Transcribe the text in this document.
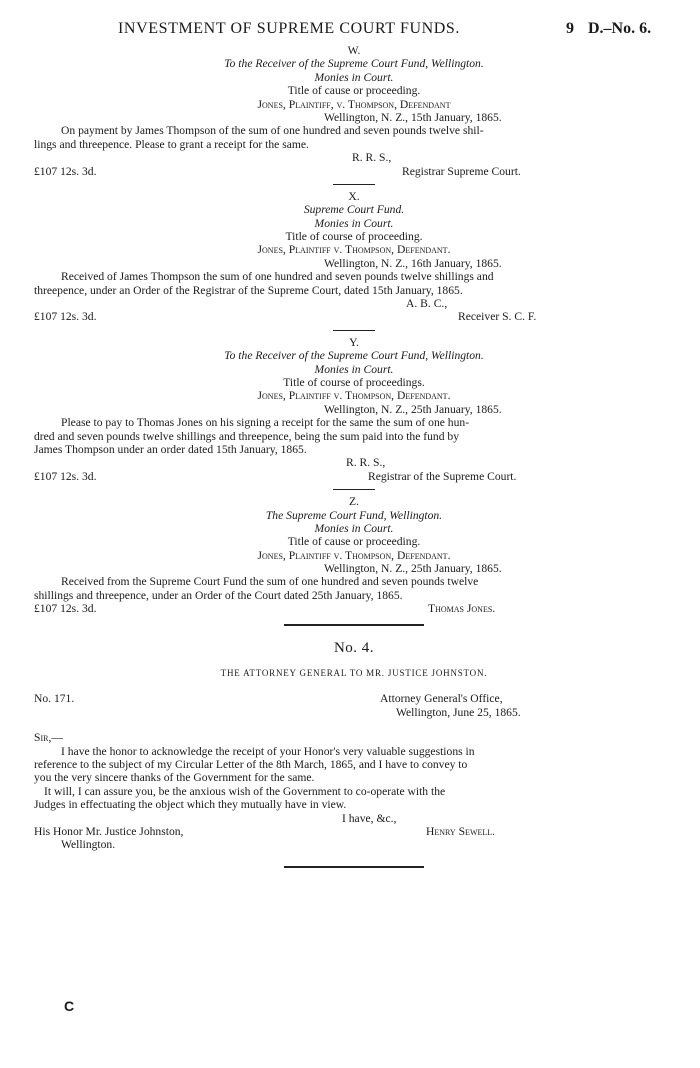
INVESTMENT OF SUPREME COURT FUNDS.	9 D.–No. 6.
W.
To the Receiver of the Supreme Court Fund, Wellington.
Monies in Court.
Title of cause or proceeding.
Jones, Plaintiff, v. Thompson, Defendant
Wellington, N. Z., 15th January, 1865.
On payment by James Thompson of the sum of one hundred and seven pounds twelve shil-
lings and threepence. Please to grant a receipt for the same.
R. R. S.,
£107 12s. 3d.	Registrar Supreme Court.
X.
Supreme Court Fund.
Monies in Court.
Title of course of proceeding.
Jones, Plaintiff v. Thompson, Defendant.
Wellington, N. Z., 16th January, 1865.
Received of James Thompson the sum of one hundred and seven pounds twelve shillings and
threepence, under an Order of the Registrar of the Supreme Court, dated 15th January, 1865.
A. B. C.,
£107 12s. 3d.	Receiver S. C. F.
Y.
To the Receiver of the Supreme Court Fund, Wellington.
Monies in Court.
Title of course of proceedings.
Jones, Plaintiff v. Thompson, Defendant.
Wellington, N. Z., 25th January, 1865.
Please to pay to Thomas Jones on his signing a receipt for the same the sum of one hun-
dred and seven pounds twelve shillings and threepence, being the sum paid into the fund by
James Thompson under an order dated 15th January, 1865.
R. R. S.,
£107 12s. 3d.	Registrar of the Supreme Court.
Z.
The Supreme Court Fund, Wellington.
Monies in Court.
Title of cause or proceeding.
Jones, Plaintiff v. Thompson, Defendant.
Wellington, N. Z., 25th January, 1865.
Received from the Supreme Court Fund the sum of one hundred and seven pounds twelve
shillings and threepence, under an Order of the Court dated 25th January, 1865.
£107 12s. 3d.	Thomas Jones.
No. 4.
THE ATTORNEY GENERAL TO MR. JUSTICE JOHNSTON.
No. 171.	Attorney General's Office,
Wellington, June 25, 1865.
Sir,—
I have the honor to acknowledge the receipt of your Honor's very valuable suggestions in
reference to the subject of my Circular Letter of the 8th March, 1865, and I have to convey to
you the very sincere thanks of the Government for the same.
It will, I can assure you, be the anxious wish of the Government to co-operate with the
Judges in effectuating the object which they mutually have in view.
I have, &c.,
His Honor Mr. Justice Johnston,	Henry Sewell.
Wellington.
C
